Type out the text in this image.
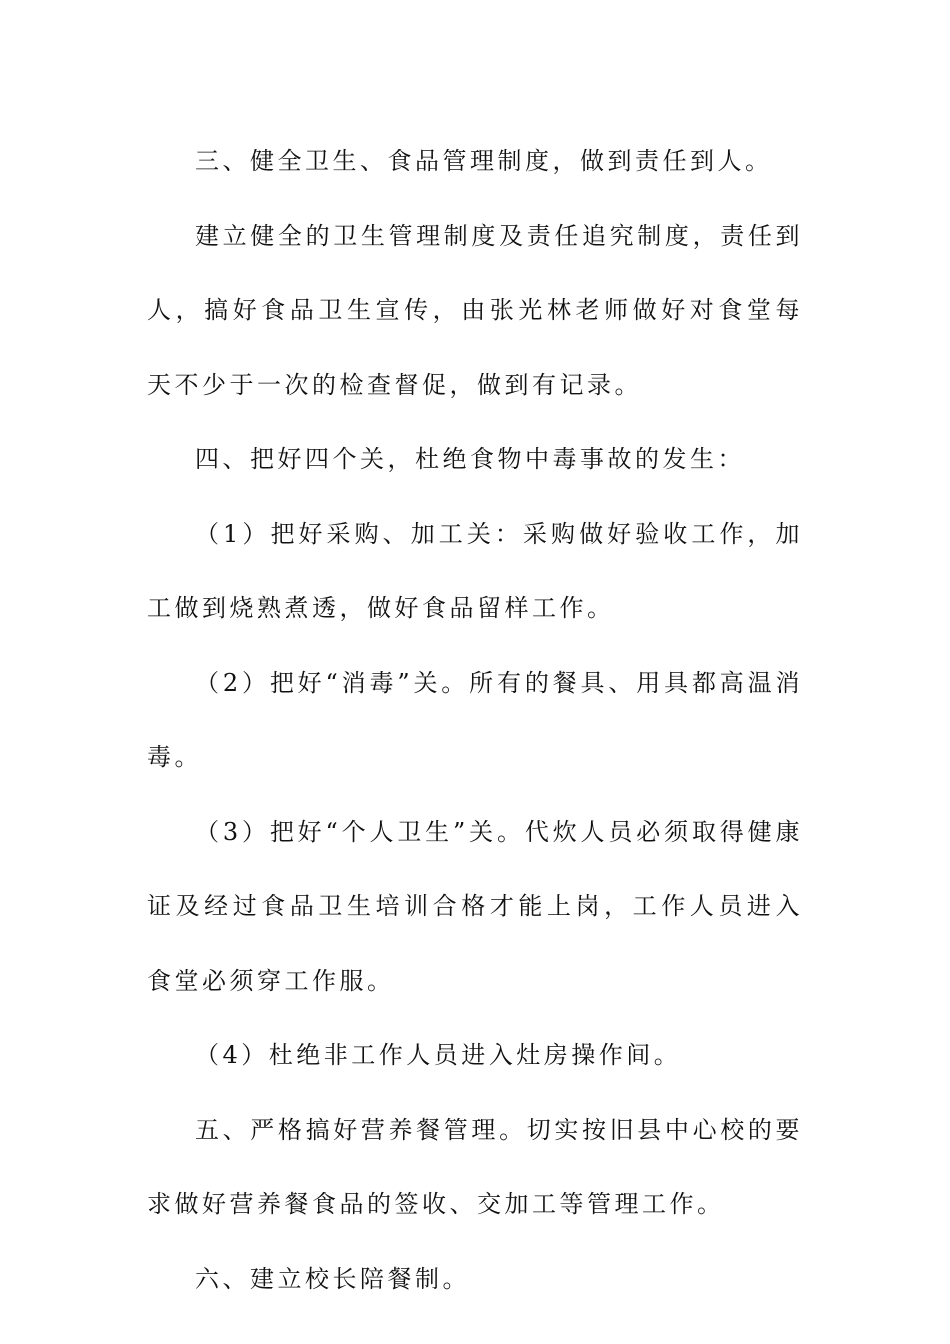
三、健全卫生、食品管理制度，做到责任到人。

建立健全的卫生管理制度及责任追究制度，责任到人，搞好食品卫生宣传，由张光林老师做好对食堂每天不少于一次的检查督促，做到有记录。

四、把好四个关，杜绝食物中毒事故的发生：

（1）把好采购、加工关：采购做好验收工作，加工做到烧熟煮透，做好食品留样工作。

（2）把好“消毒”关。所有的餐具、用具都高温消毒。

（3）把好“个人卫生”关。代炊人员必须取得健康证及经过食品卫生培训合格才能上岗，工作人员进入食堂必须穿工作服。

（4）杜绝非工作人员进入灶房操作间。

五、严格搞好营养餐管理。切实按旧县中心校的要求做好营养餐食品的签收、交加工等管理工作。

六、建立校长陪餐制。
